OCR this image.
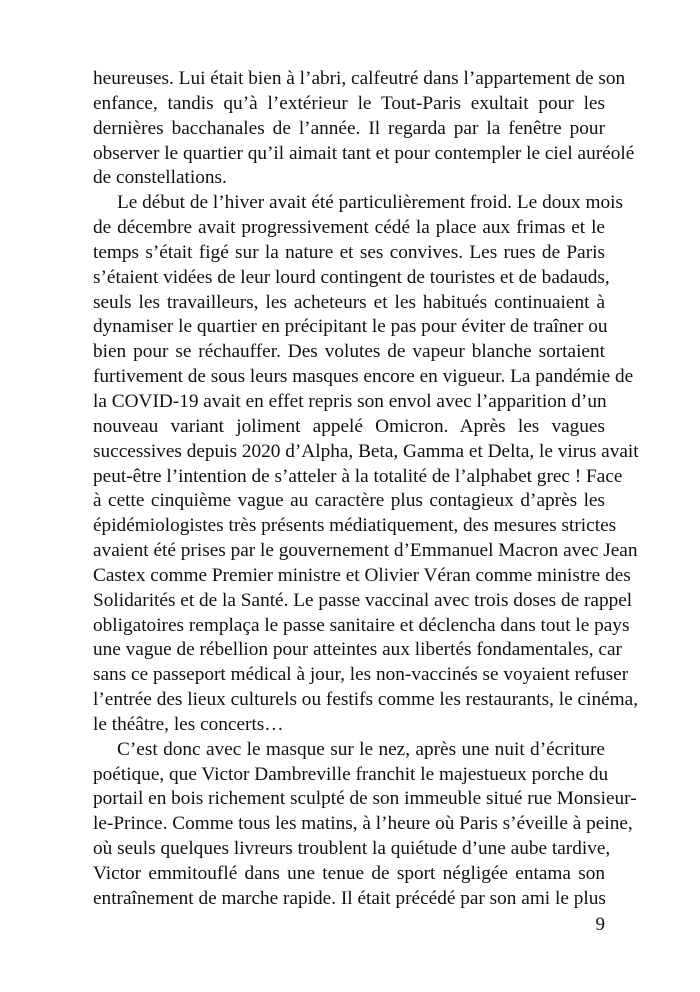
heureuses. Lui était bien à l’abri, calfeutré dans l’appartement de son
enfance, tandis qu’à l’extérieur le Tout-Paris exultait pour les
dernières bacchanales de l’année. Il regarda par la fenêtre pour
observer le quartier qu’il aimait tant et pour contempler le ciel auréolé
de constellations.
Le début de l’hiver avait été particulièrement froid. Le doux mois
de décembre avait progressivement cédé la place aux frimas et le
temps s’était figé sur la nature et ses convives. Les rues de Paris
s’étaient vidées de leur lourd contingent de touristes et de badauds,
seuls les travailleurs, les acheteurs et les habitués continuaient à
dynamiser le quartier en précipitant le pas pour éviter de traîner ou
bien pour se réchauffer. Des volutes de vapeur blanche sortaient
furtivement de sous leurs masques encore en vigueur. La pandémie de
la COVID-19 avait en effet repris son envol avec l’apparition d’un
nouveau variant joliment appelé Omicron. Après les vagues
successives depuis 2020 d’Alpha, Beta, Gamma et Delta, le virus avait
peut-être l’intention de s’atteler à la totalité de l’alphabet grec ! Face
à cette cinquième vague au caractère plus contagieux d’après les
épidémiologistes très présents médiatiquement, des mesures strictes
avaient été prises par le gouvernement d’Emmanuel Macron avec Jean
Castex comme Premier ministre et Olivier Véran comme ministre des
Solidarités et de la Santé. Le passe vaccinal avec trois doses de rappel
obligatoires remplaça le passe sanitaire et déclencha dans tout le pays
une vague de rébellion pour atteintes aux libertés fondamentales, car
sans ce passeport médical à jour, les non-vaccinés se voyaient refuser
l’entrée des lieux culturels ou festifs comme les restaurants, le cinéma,
le théâtre, les concerts…
C’est donc avec le masque sur le nez, après une nuit d’écriture
poétique, que Victor Dambreville franchit le majestueux porche du
portail en bois richement sculpté de son immeuble situé rue Monsieur-
le-Prince. Comme tous les matins, à l’heure où Paris s’éveille à peine,
où seuls quelques livreurs troublent la quiétude d’une aube tardive,
Victor emmitouflé dans une tenue de sport négligée entama son
entraînement de marche rapide. Il était précédé par son ami le plus
9
